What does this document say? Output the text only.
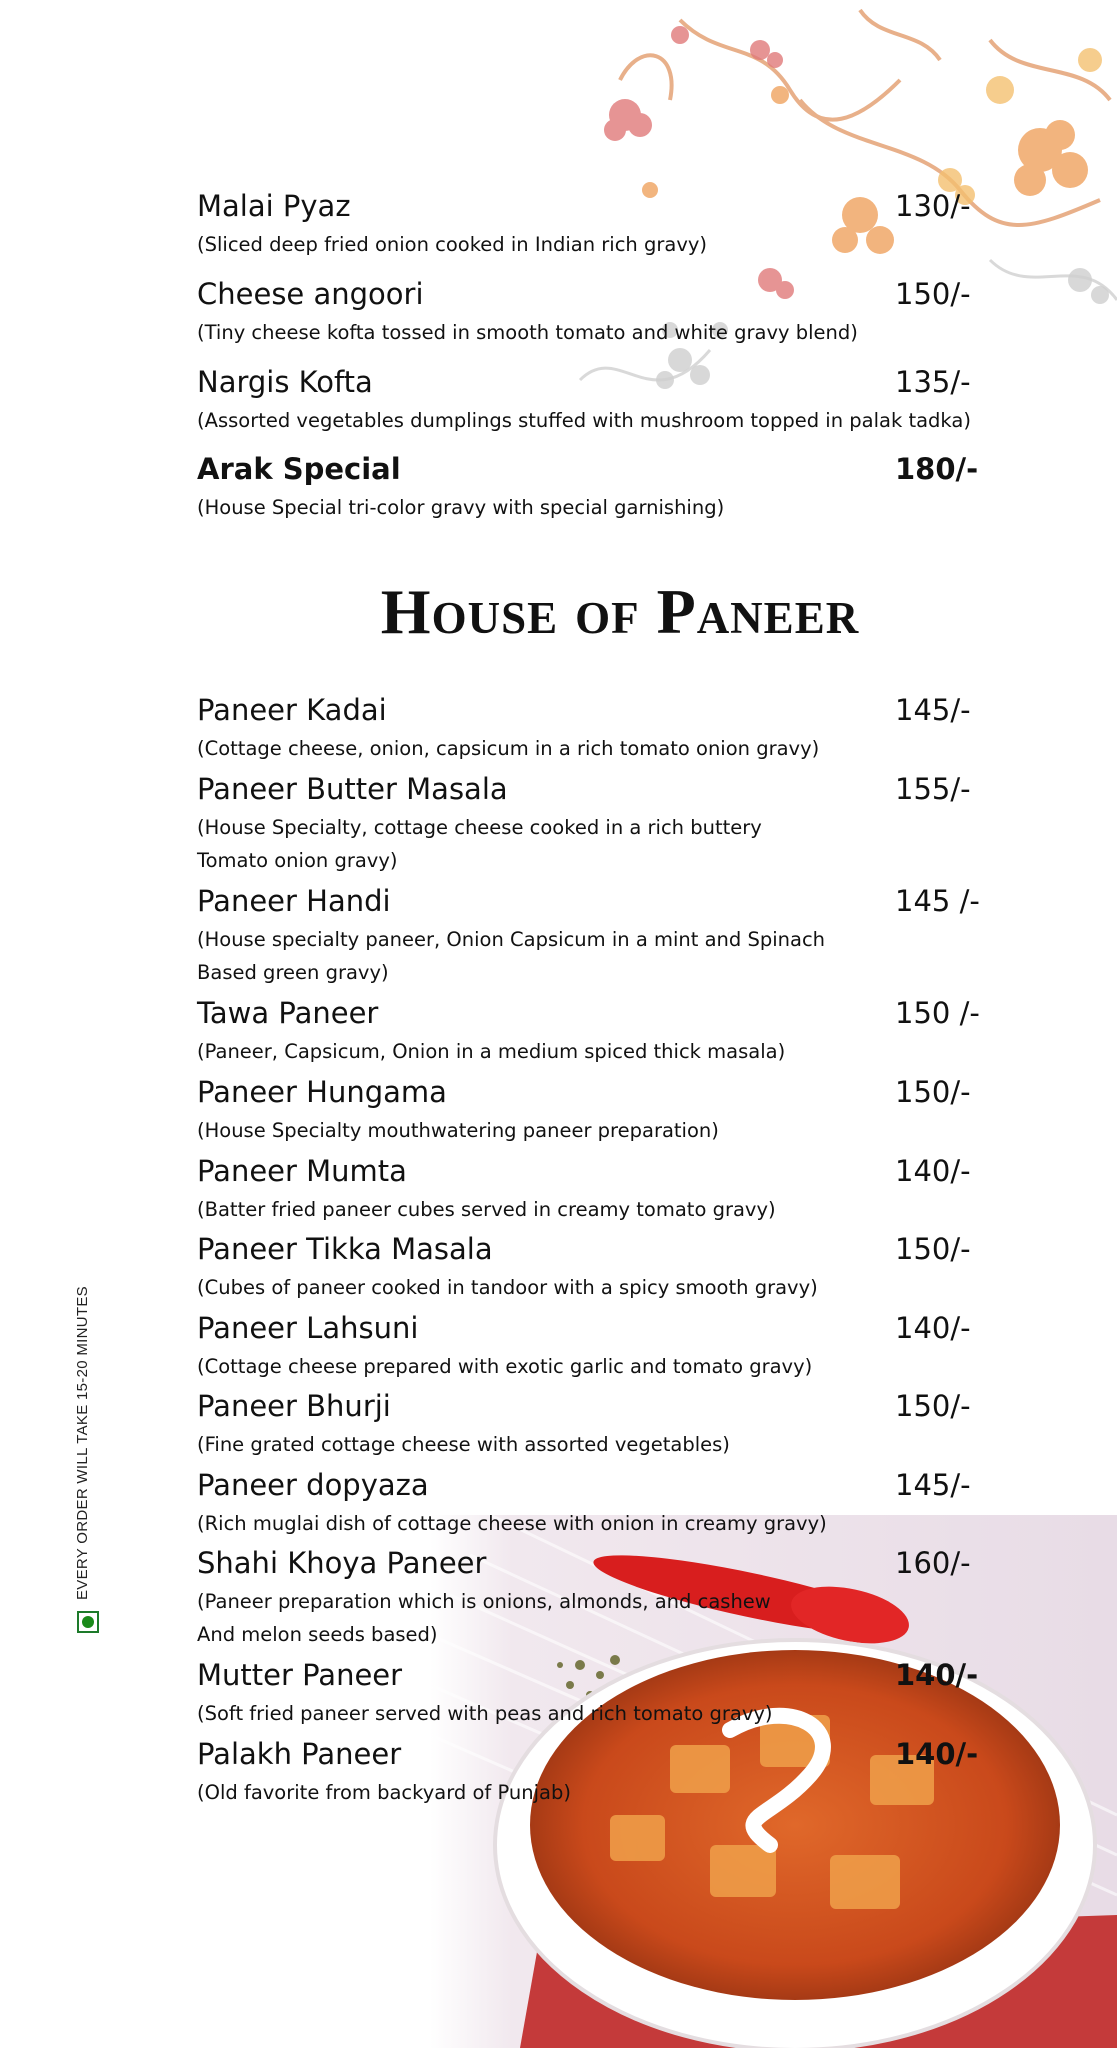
Malai Pyaz	130/-
(Sliced deep fried onion cooked in Indian rich gravy)
Cheese angoori	150/-
(Tiny cheese kofta tossed in smooth tomato and white gravy blend)
Nargis Kofta	135/-
(Assorted vegetables dumplings stuffed with mushroom topped in palak tadka)
Arak Special	180/-
(House Special tri-color gravy with special garnishing)
House of Paneer
Paneer Kadai	145/-
(Cottage cheese, onion, capsicum in a rich tomato onion gravy)
Paneer Butter Masala	155/-
(House Specialty, cottage cheese cooked in a rich buttery
Tomato onion gravy)
Paneer Handi	145 /-
(House specialty paneer, Onion Capsicum in a mint and Spinach
Based green gravy)
Tawa Paneer	150 /-
(Paneer, Capsicum, Onion in a medium spiced thick masala)
Paneer Hungama	150/-
(House Specialty mouthwatering paneer preparation)
Paneer Mumta	140/-
(Batter fried paneer cubes served in creamy tomato gravy)
Paneer Tikka Masala	150/-
(Cubes of paneer cooked in tandoor with a spicy smooth gravy)
Paneer Lahsuni	140/-
(Cottage cheese prepared with exotic garlic and tomato gravy)
Paneer Bhurji	150/-
(Fine grated cottage cheese with assorted vegetables)
Paneer dopyaza	145/-
(Rich muglai dish of cottage cheese with onion in creamy gravy)
Shahi Khoya Paneer	160/-
(Paneer preparation which is onions, almonds, and cashew
And melon seeds based)
Mutter Paneer	140/-
(Soft fried paneer served with peas and rich tomato gravy)
Palakh Paneer	140/-
(Old favorite from backyard of Punjab)
EVERY ORDER WILL TAKE 15-20 MINUTES
